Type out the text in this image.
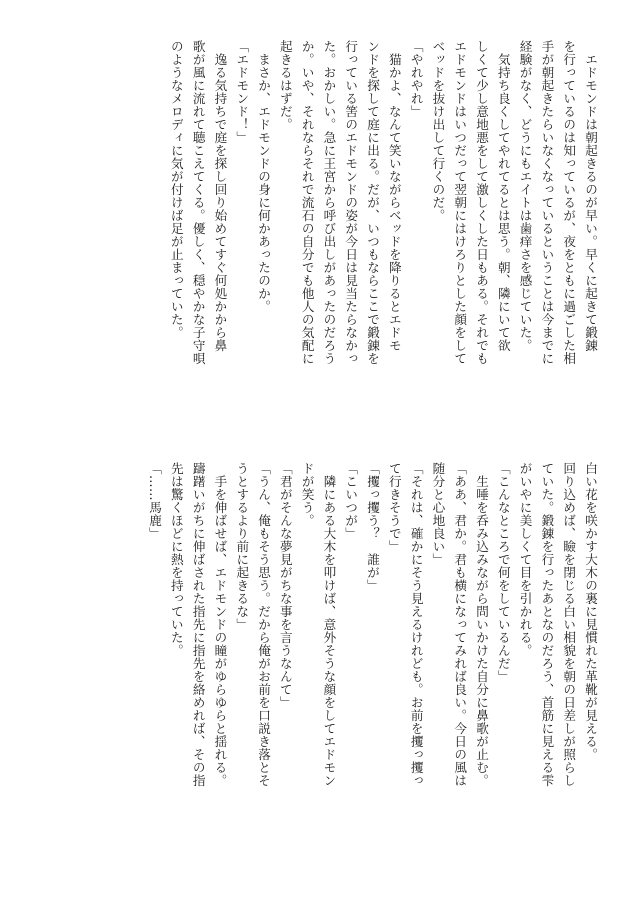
　エドモンドは朝起きるのが早い。早くに起きて鍛錬
を行っているのは知っているが、夜をともに過ごした相
手が朝起きたらいなくなっているということは今までに
経験がなく、どうにもエイトは歯痒さを感じていた。
　気持ち良くしてやれてるとは思う。朝、隣にいて欲
しくて少し意地悪をして激しくした日もある。それでも
エドモンドはいつだって翌朝にはけろりとした顔をして
ベッドを抜け出して行くのだ。
「やれやれ」
　猫かよ、なんて笑いながらベッドを降りるとエドモ
ンドを探して庭に出る。だが、いつもならここで鍛錬を
行っている筈のエドモンドの姿が今日は見当たらなかっ
た。おかしい。急に王宮から呼び出しがあったのだろう
か。いや、それならそれで流石の自分でも他人の気配に
起きるはずだ。
　まさか、エドモンドの身に何かあったのか。
「エドモンド！」
　逸る気持ちで庭を探し回り始めてすぐ何処かから鼻
歌が風に流れて聴こえてくる。優しく、穏やかな子守唄
のようなメロディに気が付けば足が止まっていた。
白い花を咲かす大木の裏に見慣れた革靴が見える。
回り込めば、瞼を閉じる白い相貌を朝の日差しが照らし
ていた。鍛錬を行ったあとなのだろう、首筋に見える雫
がいやに美しくて目を引かれる。
「こんなところで何をしているんだ」
　生唾を呑み込みながら問いかけた自分に鼻歌が止む。
「ああ、君か。君も横になってみれば良い。今日の風は
随分と心地良い」
「それは、確かにそう見えるけれども。お前を攫っ攫っ
て行きそうで」
「攫っ攫う？　誰が」
「こいつが」
　隣にある大木を叩けば、意外そうな顔をしてエドモン
ドが笑う。
「君がそんな夢見がちな事を言うなんて」
「うん、俺もそう思う。だから俺がお前を口説き落とそ
うとするより前に起きるな」
　手を伸ばせば、エドモンドの瞳がゆらゆらと揺れる。
躊躇いがちに伸ばされた指先に指先を絡めれば、その指
先は驚くほどに熱を持っていた。
「……馬鹿」
